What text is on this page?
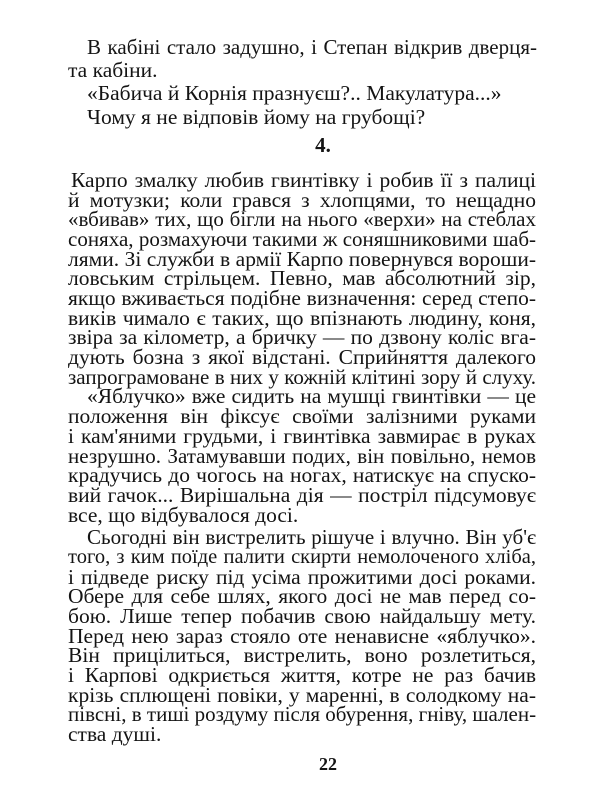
В кабіні стало задушно, і Степан відкрив дверця-

та кабіни.

«Бабича й Корнія празнуєш?.. Макулатура...»

Чому я не відповів йому на грубощі?

4.

Карпо змалку любив гвинтівку і робив її з палиці

й мотузки; коли грався з хлопцями, то нещадно

«вбивав» тих, що бігли на нього «верхи» на стеблах

соняха, розмахуючи такими ж соняшниковими шаб-

лями. Зі служби в армії Карпо повернувся вороши-

ловським стрільцем. Певно, мав абсолютний зір,

якщо вживається подібне визначення: серед степо-

виків чимало є таких, що впізнають людину, коня,

звіра за кілометр, а бричку — по дзвону коліс вга-

дують бозна з якої відстані. Сприйняття далекого

запрограмоване в них у кожній клітині зору й слуху.

«Яблучко» вже сидить на мушці гвинтівки — це

положення він фіксує своїми залізними руками

і кам'яними грудьми, і гвинтівка завмирає в руках

незрушно. Затамувавши подих, він повільно, немов

крадучись до чогось на ногах, натискує на спуско-

вий гачок... Вирішальна дія — постріл підсумовує

все, що відбувалося досі.

Сьогодні він вистрелить рішуче і влучно. Він уб'є

того, з ким поїде палити скирти немолоченого хліба,

і підведе риску під усіма прожитими досі роками.

Обере для себе шлях, якого досі не мав перед со-

бою. Лише тепер побачив свою найдальшу мету.

Перед нею зараз стояло оте ненависне «яблучко».

Він прицілиться, вистрелить, воно розлетиться,

і Карпові одкриється життя, котре не раз бачив

крізь сплющені повіки, у маренні, в солодкому на-

півсні, в тиші роздуму після обурення, гніву, шален-

ства душі.

22
